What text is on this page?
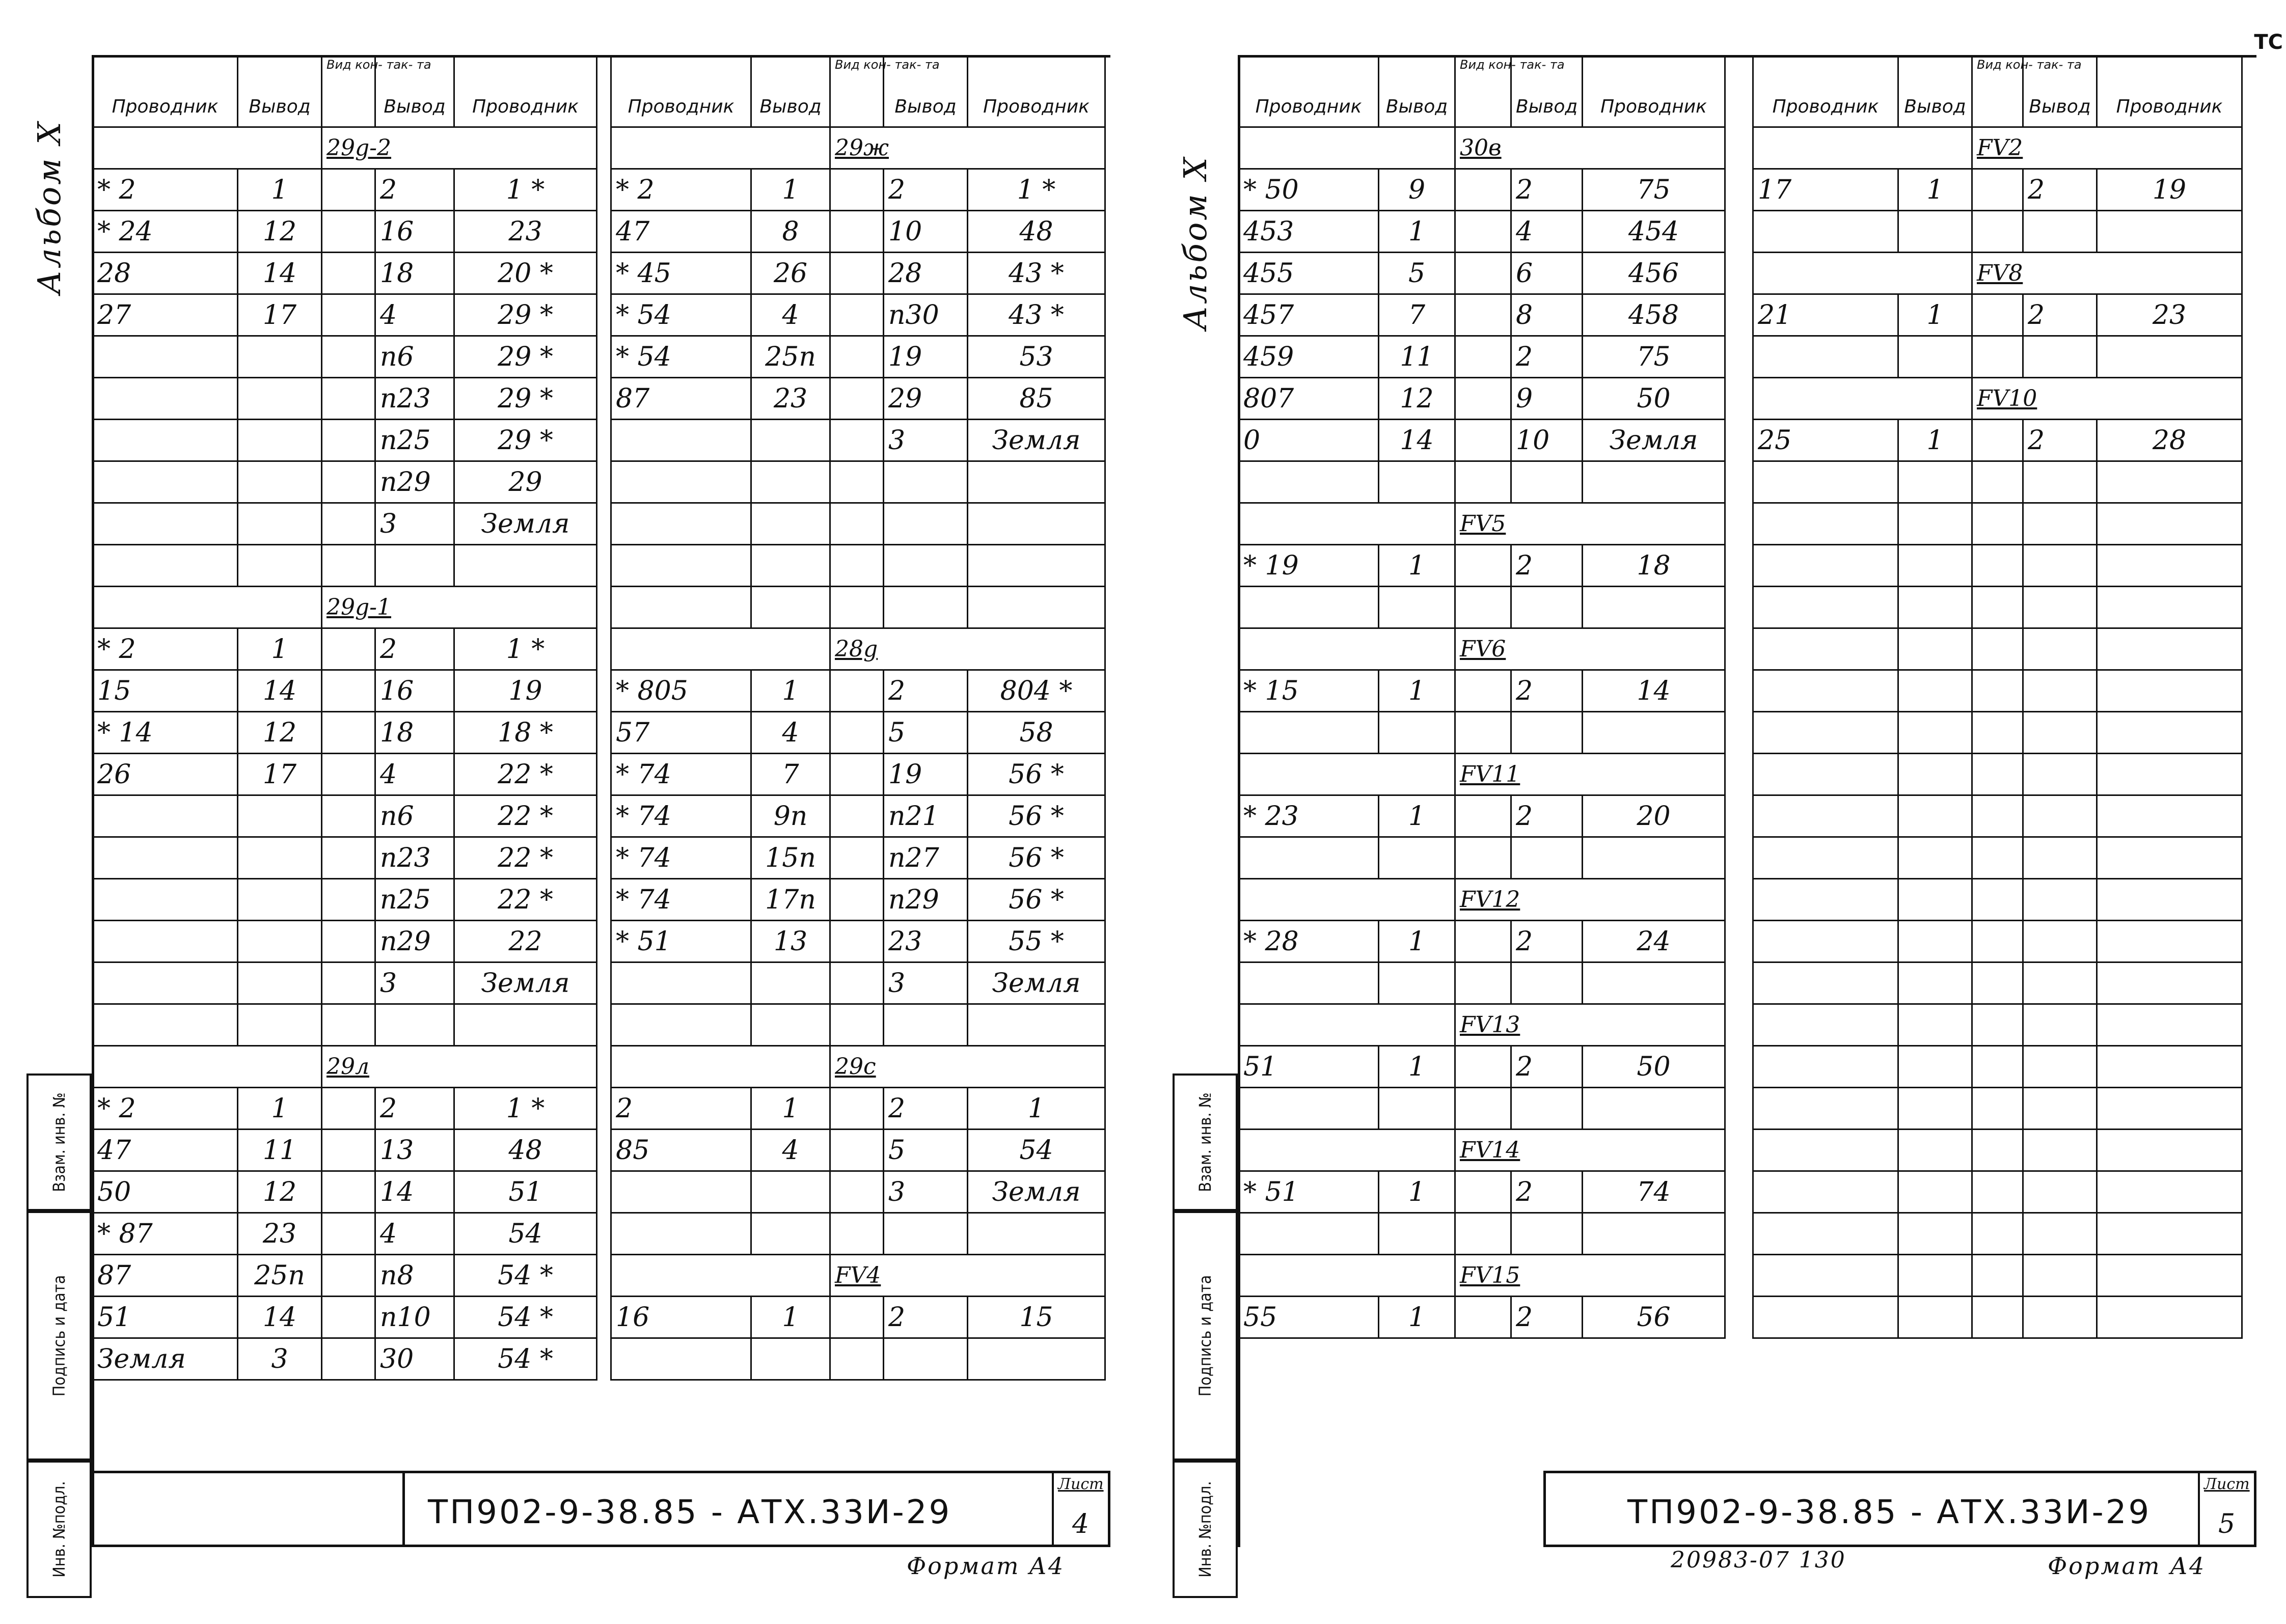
Альбом X
Взам. инв. №
Подпись и дата
Инв. №подл.
Проводник	Вывод	Вид кон- так- та	Вывод	Проводник
		29g-2		
* 2	1		2	1 *
* 24	12		16	23
28	14		18	20 *
27	17		4	29 *
			п6	29 *
			п23	29 *
			п25	29 *
			п29	29
			3	Земля

		29g-1		
* 2	1		2	1 *
15	14		16	19
* 14	12		18	18 *
26	17		4	22 *
			п6	22 *
			п23	22 *
			п25	22 *
			п29	22
			3	Земля

		29л		
* 2	1		2	1 *
47	11		13	48
50	12		14	51
* 87	23		4	54
87	25п		п8	54 *
51	14		п10	54 *
Земля	3		30	54 *
Проводник	Вывод	Вид кон- так- та	Вывод	Проводник
		29ж		
* 2	1		2	1 *
47	8		10	48
* 45	26		28	43 *
* 54	4		п30	43 *
* 54	25п		19	53
87	23		29	85
			3	Земля

		28g		
* 805	1		2	804 *
57	4		5	58
* 74	7		19	56 *
* 74	9п		п21	56 *
* 74	15п		п27	56 *
* 74	17п		п29	56 *
* 51	13		23	55 *
			3	Земля

		29с		
2	1		2	1
85	4		5	54
			3	Земля

		FV4		
16	1		2	15

ТП902-9-38.85 - АТХ.33И-29
Лист
4
Формат А4
Альбом X
Взам. инв. №
Подпись и дата
Инв. №подл.
Проводник	Вывод	Вид кон- так- та	Вывод	Проводник
		30в		
* 50	9		2	75
453	1		4	454
455	5		6	456
457	7		8	458
459	11		2	75
807	12		9	50
0	14		10	Земля

		FV5		
* 19	1		2	18

		FV6		
* 15	1		2	14

		FV11		
* 23	1		2	20

		FV12		
* 28	1		2	24

		FV13		
51	1		2	50

		FV14		
* 51	1		2	74

		FV15		
55	1		2	56
Проводник	Вывод	Вид кон- так- та	Вывод	Проводник
		FV2		
17	1		2	19

		FV8		
21	1		2	23

		FV10		
25	1		2	28

ТП902-9-38.85 - АТХ.33И-29
Лист
5
20983-07 130	Формат А4
ТС
